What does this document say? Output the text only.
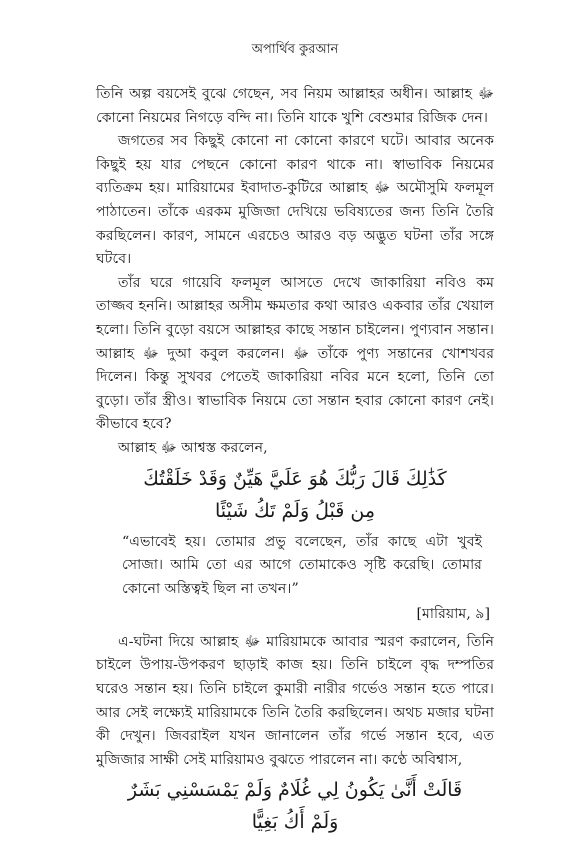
অপার্থিব কুরআন

তিনি অল্প বয়সেই বুঝে গেছেন, সব নিয়ম আল্লাহর অধীন। আল্লাহ ﷻ কোনো নিয়মের নিগড়ে বন্দি না। তিনি যাকে খুশি বেশুমার রিজিক দেন।

জগতের সব কিছুই কোনো না কোনো কারণে ঘটে। আবার অনেক কিছুই হয় যার পেছনে কোনো কারণ থাকে না। স্বাভাবিক নিয়মের ব্যতিক্রম হয়। মারিয়ামের ইবাদাত-কুটিরে আল্লাহ ﷻ অমৌসুমি ফলমূল পাঠাতেন। তাঁকে এরকম মুজিজা দেখিয়ে ভবিষ্যতের জন্য তিনি তৈরি করছিলেন। কারণ, সামনে এরচেও আরও বড় অদ্ভুত ঘটনা তাঁর সঙ্গে ঘটবে।

তাঁর ঘরে গায়েবি ফলমূল আসতে দেখে জাকারিয়া নবিও কম তাজ্জব হননি। আল্লাহর অসীম ক্ষমতার কথা আরও একবার তাঁর খেয়াল হলো। তিনি বুড়ো বয়সে আল্লাহর কাছে সন্তান চাইলেন। পুণ্যবান সন্তান। আল্লাহ ﷻ দুআ কবুল করলেন। ﷻ তাঁকে পুণ্য সন্তানের খোশখবর দিলেন। কিন্তু সুখবর পেতেই জাকারিয়া নবির মনে হলো, তিনি তো বুড়ো। তাঁর স্ত্রীও। স্বাভাবিক নিয়মে তো সন্তান হবার কোনো কারণ নেই। কীভাবে হবে?

আল্লাহ ﷻ আশ্বস্ত করলেন,

كَذَٰلِكَ قَالَ رَبُّكَ هُوَ عَلَيَّ هَيِّنٌ وَقَدْ خَلَقْتُكَ
مِن قَبْلُ وَلَمْ تَكُ شَيْئًا

“এভাবেই হয়। তোমার প্রভু বলেছেন, তাঁর কাছে এটা খুবই সোজা। আমি তো এর আগে তোমাকেও সৃষ্টি করেছি। তোমার কোনো অস্তিত্বই ছিল না তখন।”

[মারিয়াম, ৯]

এ-ঘটনা দিয়ে আল্লাহ ﷻ মারিয়ামকে আবার স্মরণ করালেন, তিনি চাইলে উপায়-উপকরণ ছাড়াই কাজ হয়। তিনি চাইলে বৃদ্ধ দম্পতির ঘরেও সন্তান হয়। তিনি চাইলে কুমারী নারীর গর্ভেও সন্তান হতে পারে। আর সেই লক্ষ্যেই মারিয়ামকে তিনি তৈরি করছিলেন। অথচ মজার ঘটনা কী দেখুন। জিবরাইল যখন জানালেন তাঁর গর্ভে সন্তান হবে, এত মুজিজার সাক্ষী সেই মারিয়ামও বুঝতে পারলেন না। কণ্ঠে অবিশ্বাস,

قَالَتْ أَنَّىٰ يَكُونُ لِي غُلَامٌ وَلَمْ يَمْسَسْنِي بَشَرٌ
وَلَمْ أَكُ بَغِيًّا
